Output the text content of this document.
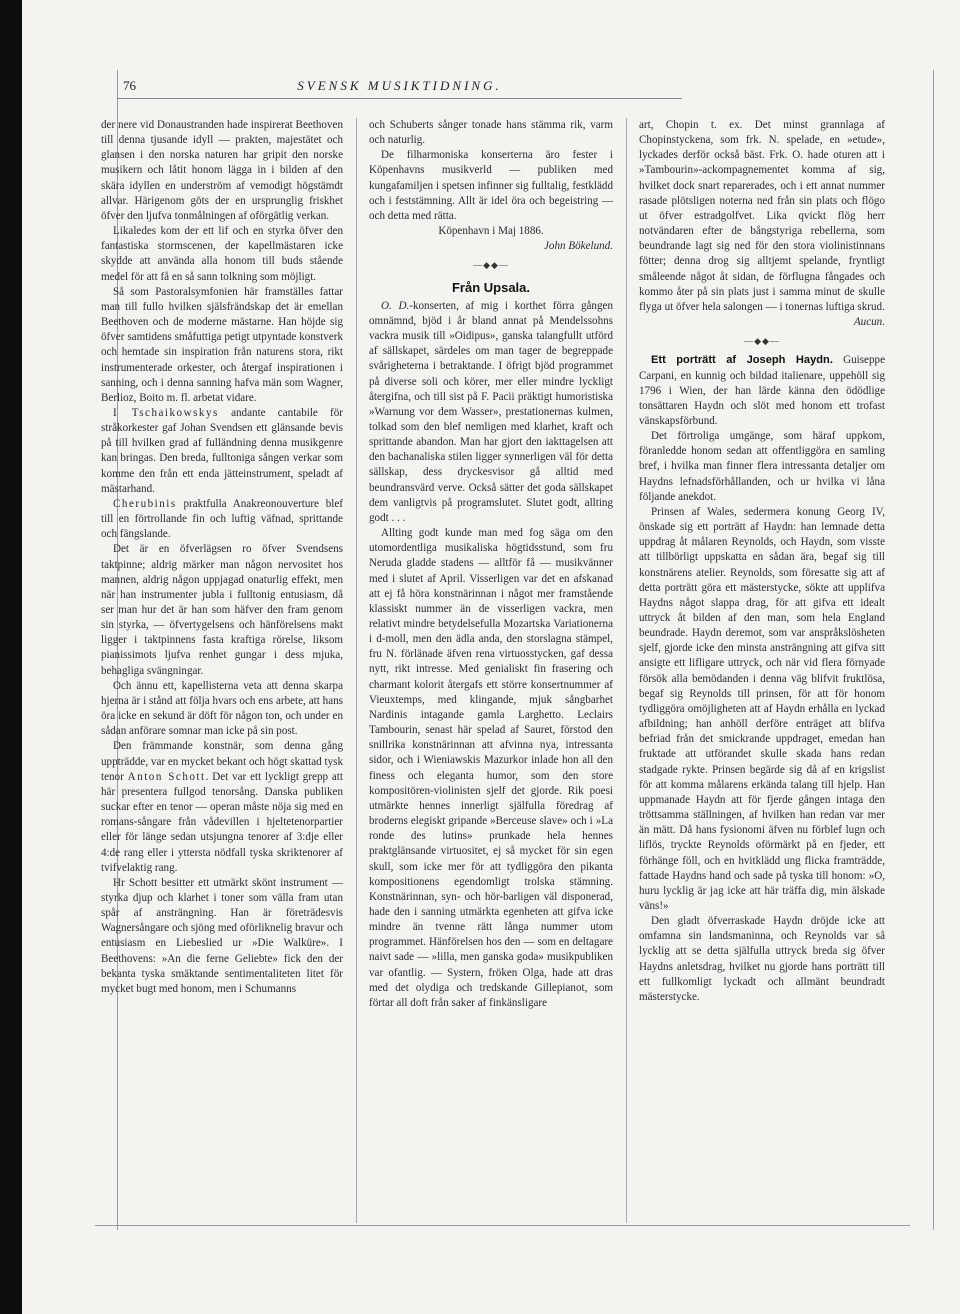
76	SVENSK MUSIKTIDNING.

der nere vid Donaustranden hade inspirerat Beethoven till denna tjusande idyll — prakten, majestätet och glansen i den norska naturen har gripit den norske musikern och låtit honom lägga in i bilden af den skära idyllen en underström af vemodigt högstämdt allvar. Härigenom göts der en ursprunglig friskhet öfver den ljufva tonmålningen af oförgätlig verkan.

Likaledes kom der ett lif och en styrka öfver den fantastiska stormscenen, der kapellmästaren icke skydde att använda alla honom till buds stående medel för att få en så sann tolkning som möjligt.

Så som Pastoralsymfonien här framställes fattar man till fullo hvilken själsfrändskap det är emellan Beethoven och de moderne mästarne. Han höjde sig öfver samtidens småfuttiga petigt utpyntade konstverk och hemtade sin inspiration från naturens stora, rikt instrumenterade orkester, och återgaf inspirationen i sanning, och i denna sanning hafva män som Wagner, Berlioz, Boito m. fl. arbetat vidare.

I Tschaikowskys andante cantabile för stråkorkester gaf Johan Svendsen ett glänsande bevis på till hvilken grad af fulländning denna musikgenre kan bringas. Den breda, fulltoniga sången verkar som komme den från ett enda jätteinstrument, speladt af mästarhand.

Cherubinis praktfulla Anakreonouverture blef till en förtrollande fin och luftig väfnad, sprittande och fängslande.

Det är en öfverlägsen ro öfver Svendsens taktpinne; aldrig märker man någon nervositet hos mannen, aldrig någon uppjagad onaturlig effekt, men när han instrumenter jubla i fulltonig entusiasm, då ser man hur det är han som häfver den fram genom sin styrka, — öfvertygelsens och hänförelsens makt ligger i taktpinnens fasta kraftiga rörelse, liksom pianissimots ljufva renhet gungar i dess mjuka, behagliga svängningar.

Och ännu ett, kapellisterna veta att denna skarpa hjerna är i stånd att följa hvars och ens arbete, att hans öra icke en sekund är döft för någon ton, och under en sådan anförare somnar man icke på sin post.

Den främmande konstnär, som denna gång uppträdde, var en mycket bekant och högt skattad tysk tenor Anton Schott. Det var ett lyckligt grepp att här presentera fullgod tenorsång. Danska publiken suckar efter en tenor — operan måste nöja sig med en romans-sångare från vådevillen i hjeltetenorpartier eller för länge sedan utsjungna tenorer af 3:dje eller 4:de rang eller i yttersta nödfall tyska skriktenorer af tvifvelaktig rang.

Hr Schott besitter ett utmärkt skönt instrument — styrka djup och klarhet i toner som välla fram utan spår af ansträngning. Han är företrädesvis Wagnersångare och sjöng med oförliknelig bravur och entusiasm en Liebeslied ur »Die Walküre». I Beethovens: »An die ferne Geliebte» fick den der bekanta tyska smäktande sentimentaliteten litet för mycket bugt med honom, men i Schumanns

och Schuberts sånger tonade hans stämma rik, varm och naturlig.

De filharmoniska konserterna äro fester i Köpenhavns musikverld — publiken med kungafamiljen i spetsen infinner sig fulltalig, festklädd och i feststämning. Allt är idel öra och begeistring — och detta med rätta.

Köpenhavn i Maj 1886.

John Bökelund.

—◆◆—
Från Upsala.

O. D.-konserten, af mig i korthet förra gången omnämnd, bjöd i år bland annat på Mendelssohns vackra musik till »Oidipus», ganska talangfullt utförd af sällskapet, särdeles om man tager de begreppade svårigheterna i betraktande. I öfrigt bjöd programmet på diverse soli och körer, mer eller mindre lyckligt återgifna, och till sist på F. Pacii präktigt humoristiska »Warnung vor dem Wasser», prestationernas kulmen, tolkad som den blef nemligen med klarhet, kraft och sprittande abandon. Man har gjort den iakttagelsen att den bachanaliska stilen ligger synnerligen väl för detta sällskap, dess dryckesvisor gå alltid med beundransvärd verve. Också sätter det goda sällskapet dem vanligtvis på programslutet. Slutet godt, allting godt . . .

Allting godt kunde man med fog säga om den utomordentliga musikaliska högtidsstund, som fru Neruda gladde stadens — alltför få — musikvänner med i slutet af April. Visserligen var det en afskanad att ej få höra konstnärinnan i något mer framstående klassiskt nummer än de visserligen vackra, men relativt mindre betydelsefulla Mozartska Variationerna i d-moll, men den ädla anda, den storslagna stämpel, fru N. förlänade äfven rena virtuosstycken, gaf dessa nytt, rikt intresse. Med genialiskt fin frasering och charmant kolorit återgafs ett större konsertnummer af Vieuxtemps, med klingande, mjuk sångbarhet Nardinis intagande gamla Larghetto. Leclairs Tambourin, senast här spelad af Sauret, förstod den snillrika konstnärinnan att afvinna nya, intressanta sidor, och i Wieniawskis Mazurkor inlade hon all den finess och eleganta humor, som den store kompositören-violinisten sjelf det gjorde. Rik poesi utmärkte hennes innerligt själfulla föredrag af broderns elegiskt gripande »Berceuse slave» och i »La ronde des lutins» prunkade hela hennes praktglänsande virtuositet, ej så mycket för sin egen skull, som icke mer för att tydliggöra den pikanta kompositionens egendomligt trolska stämning. Konstnärinnan, syn- och hör-barligen väl disponerad, hade den i sanning utmärkta egenheten att gifva icke mindre än tvenne rätt långa nummer utom programmet. Hänförelsen hos den — som en deltagare naivt sade — »lilla, men ganska goda» musikpubliken var ofantlig. — Systern, fröken Olga, hade att dras med det olydiga och tredskande Gillepianot, som förtar all doft från saker af finkänsligare

art, Chopin t. ex. Det minst grannlaga af Chopinstyckena, som frk. N. spelade, en »etude», lyckades derför också bäst. Frk. O. hade oturen att i »Tambourin»-ackompagnementet komma af sig, hvilket dock snart reparerades, och i ett annat nummer rasade plötsligen noterna ned från sin plats och flögo ut öfver estradgolfvet. Lika qvickt flög herr notvändaren efter de bångstyriga rebellerna, som beundrande lagt sig ned för den stora violinistinnans fötter; denna drog sig alltjemt spelande, fryntligt småleende något åt sidan, de förflugna fångades och kommo åter på sin plats just i samma minut de skulle flyga ut öfver hela salongen — i tonernas luftiga skrud.

Aucun.

—◆◆—

Ett porträtt af Joseph Haydn. Guiseppe Carpani, en kunnig och bildad italienare, uppehöll sig 1796 i Wien, der han lärde känna den ödödlige tonsättaren Haydn och slöt med honom ett trofast vänskapsförbund.

Det förtroliga umgänge, som häraf uppkom, föranledde honom sedan att offentliggöra en samling bref, i hvilka man finner flera intressanta detaljer om Haydns lefnadsförhållanden, och ur hvilka vi låna följande anekdot.

Prinsen af Wales, sedermera konung Georg IV, önskade sig ett porträtt af Haydn: han lemnade detta uppdrag åt målaren Reynolds, och Haydn, som visste att tillbörligt uppskatta en sådan ära, begaf sig till konstnärens atelier. Reynolds, som föresatte sig att af detta porträtt göra ett mästerstycke, sökte att upplifva Haydns något slappa drag, för att gifva ett idealt uttryck åt bilden af den man, som hela England beundrade. Haydn deremot, som var anspråkslösheten sjelf, gjorde icke den minsta ansträngning att gifva sitt ansigte ett lifligare uttryck, och när vid flera förnyade försök alla bemödanden i denna väg blifvit fruktlösa, begaf sig Reynolds till prinsen, för att för honom tydliggöra omöjligheten att af Haydn erhålla en lyckad afbildning; han anhöll derföre enträget att blifva befriad från det smickrande uppdraget, emedan han fruktade att utförandet skulle skada hans redan stadgade rykte. Prinsen begärde sig då af en krigslist för att komma målarens erkända talang till hjelp. Han uppmanade Haydn att för fjerde gången intaga den tröttsamma ställningen, af hvilken han redan var mer än mätt. Då hans fysionomi äfven nu förblef lugn och liflös, tryckte Reynolds oförmärkt på en fjeder, ett förhänge föll, och en hvitklädd ung flicka framträdde, fattade Haydns hand och sade på tyska till honom: »O, huru lycklig är jag icke att här träffa dig, min älskade väns!»

Den gladt öfverraskade Haydn dröjde icke att omfamna sin landsmaninna, och Reynolds var så lycklig att se detta själfulla uttryck breda sig öfver Haydns anletsdrag, hvilket nu gjorde hans porträtt till ett fullkomligt lyckadt och allmänt beundradt mästerstycke.
